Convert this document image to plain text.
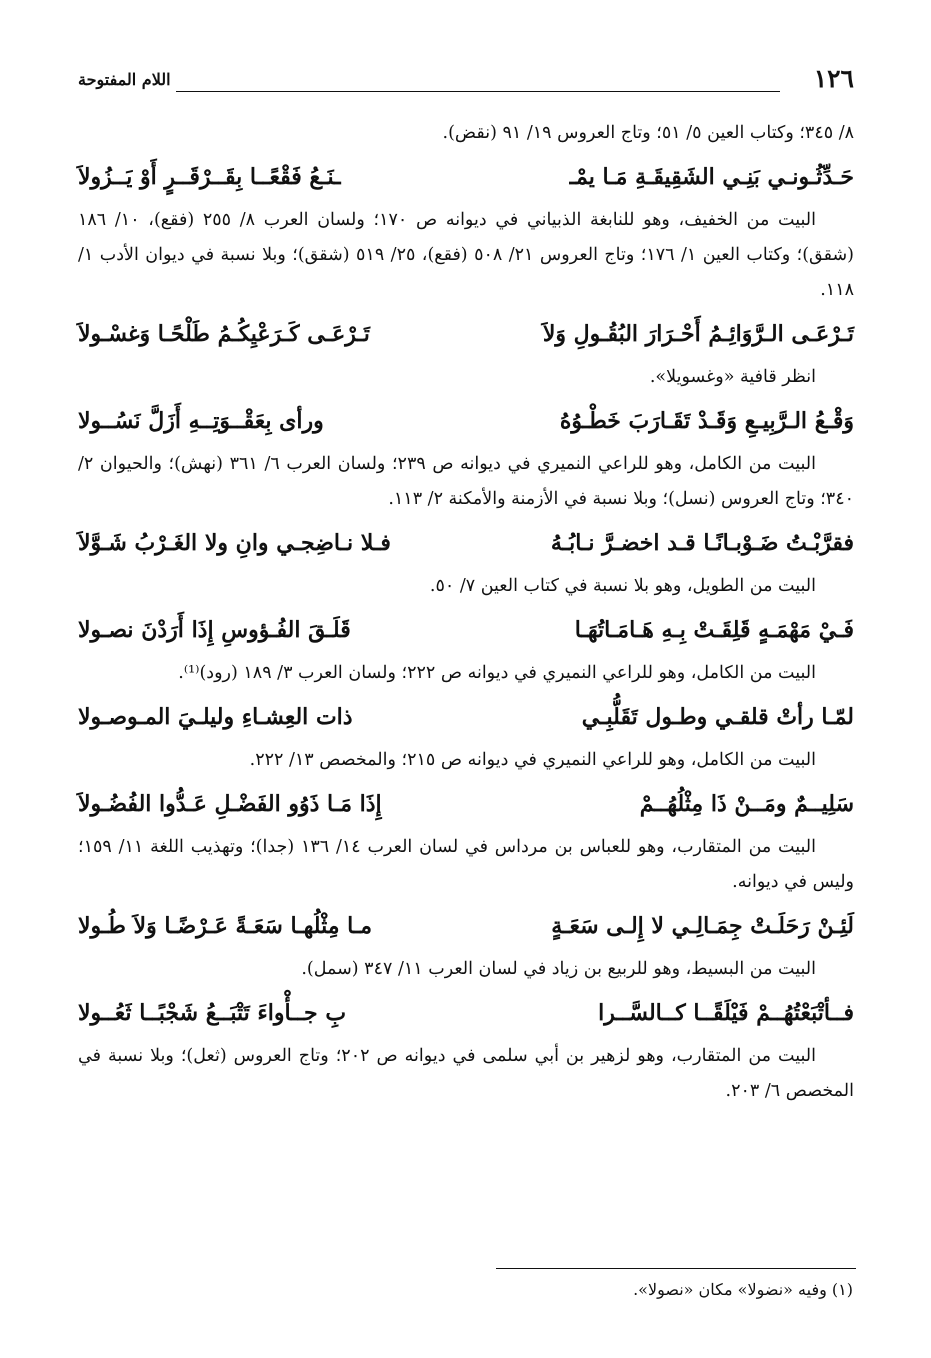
١٢٦
اللام المفتوحة

٨/ ٣٤٥؛ وكتاب العين ٥/ ٥١؛ وتاج العروس ١٩/ ٩١ (نقض).

حَـدِّثُـونـي بَنِـي الشَقِيقَـةِ مَـا يمْـ
ـنَـعُ فَقْعًــا بِقَــرْقَــرٍ أَوْ يَــزُولاَ

البيت من الخفيف، وهو للنابغة الذبياني في ديوانه ص ١٧٠؛ ولسان العرب ٨/ ٢٥٥ (فقع)، ١٠/ ١٨٦ (شقق)؛ وكتاب العين ١/ ١٧٦؛ وتاج العروس ٢١/ ٥٠٨ (فقع)، ٢٥/ ٥١٩ (شقق)؛ وبلا نسبة في ديوان الأدب ١/ ١١٨.

تَـرْعَـى الـرَّوَائِـمُ أَحْـرَارَ البُقُـولِ وَلاَ
تَـرْعَـى كَـرَعْيِكُـمُ طَلْحًـا وَغسْـولاَ

انظر قافية «وغسويلا».

وَقْـعُ الـرَّبِيـعِ وَقَـدْ تَقَـارَبَ خَطْـوُهُ
ورأى بِعَقْــوَتِــهِ أَزَلَّ نَسُــولا

البيت من الكامل، وهو للراعي النميري في ديوانه ص ٢٣٩؛ ولسان العرب ٦/ ٣٦١ (نهش)؛ والحيوان ٢/ ٣٤٠؛ وتاج العروس (نسل)؛ وبلا نسبة في الأزمنة والأمكنة ٢/ ١١٣.

فقرَّبْـتُ ضَـوْبـانًـا قـد اخضـرَّ نـابُـهُ
فـلا نـاضِجـي وانِ ولا الغَـرْبُ شَـوَّلاَ

البيت من الطويل، وهو بلا نسبة في كتاب العين ٧/ ٥٠.

فَـيْ مَهْمَـهٍ قَلِقَـتْ بِـهِ هَـامَـاتُهَـا
قَلَـقَ الفُـؤوسِ إِذَا أَرَدْنَ نصـولا

البيت من الكامل، وهو للراعي النميري في ديوانه ص ٢٢٢؛ ولسان العرب ٣/ ١٨٩ (رود)⁽¹⁾.

لمّـا رأتْ قلقـي وطـول تَقَلُّبِـي
ذات العِشـاءِ وليلـيَ المـوصـولا

البيت من الكامل، وهو للراعي النميري في ديوانه ص ٢١٥؛ والمخصص ١٣/ ٢٢٢.

سَلِيــمٌ ومَــنْ ذَا مِثْلُهُــمْ
إِذَا مَـا ذَوُو الفَضْـلِ عَـدُّوا الفُضُـولاَ

البيت من المتقارب، وهو للعباس بن مرداس في لسان العرب ١٤/ ١٣٦ (جدا)؛ وتهذيب اللغة ١١/ ١٥٩؛ وليس في ديوانه.

لَئِـنْ رَحَلَـتْ جِمَـالِـي لا إِلـى سَعَـةٍ
مـا مِثْلُهـا سَعَـةً عَـرْضًـا وَلاَ طُـولا

البيت من البسيط، وهو للربيع بن زياد في لسان العرب ١١/ ٣٤٧ (سمل).

فــأتْبَعْتُهُــمْ فَيْلَقًــا كــالسَّــرا
بِ جــأْواءَ تَتْبَــعُ شَجْبًــا ثَعُــولا

البيت من المتقارب، وهو لزهير بن أبي سلمى في ديوانه ص ٢٠٢؛ وتاج العروس (ثعل)؛ وبلا نسبة في المخصص ٦/ ٢٠٣.

(١) وفيه «نضولا» مكان «نصولا».
